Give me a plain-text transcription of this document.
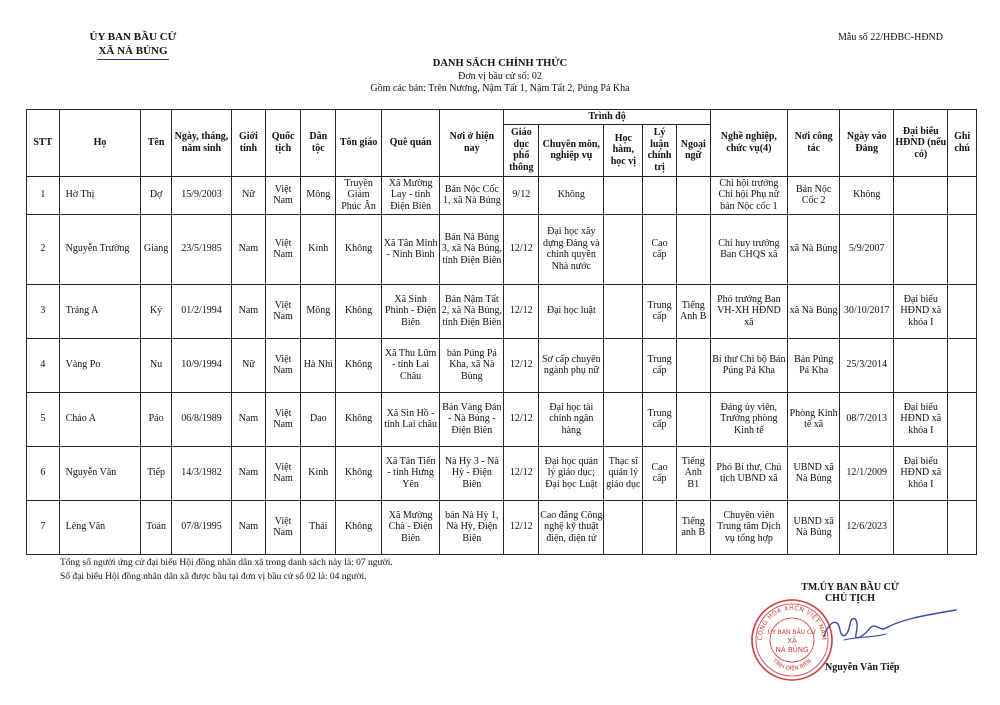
ỦY BAN BẦU CỬ
XÃ NÀ BỦNG
Mẫu số 22/HĐBC-HĐND
DANH SÁCH CHÍNH THỨC
Đơn vị bầu cử số: 02
Gồm các bản: Trên Nương, Nậm Tất 1, Nậm Tất 2, Púng Pá Kha
STT	Họ	Tên	Ngày, tháng, năm sinh	Giới tính	Quốc tịch	Dân tộc	Tôn giáo	Quê quán	Nơi ở hiện nay	Trình độ					Nghề nghiệp, chức vụ(4)	Nơi công tác	Ngày vào Đảng	Đại biểu HĐND (nếu có)	Ghi chú
										Giáo dục phổ thông	Chuyên môn, nghiệp vụ	Học hàm, học vị	Lý luận chính trị	Ngoại ngữ					
1	Hờ Thị	Dợ	15/9/2003	Nữ	Việt Nam	Mông	Truyền Giảm Phúc Ân	Xã Mường Lay - tỉnh Điện Biên	Bản Nộc Cốc 1, xã Nà Bủng	9/12	Không				Chi hội trưởng Chi hội Phụ nữ bản Nộc cốc 1	Bản Nộc Cốc 2	Không		
2	Nguyễn Trường	Giang	23/5/1985	Nam	Việt Nam	Kinh	Không	Xã Tân Minh - Ninh Bình	Bản Nà Bủng 3, xã Nà Bủng, tỉnh Điện Biên	12/12	Đại học xây dựng Đảng và chính quyền Nhà nước		Cao cấp		Chỉ huy trưởng Ban CHQS xã	xã Nà Bủng	5/9/2007		
3	Tráng A	Ký	01/2/1994	Nam	Việt Nam	Mông	Không	Xã Sính Phình - Điện Biên	Bản Nậm Tất 2, xã Nà Bủng, tỉnh Điện Biên	12/12	Đại học luật		Trung cấp	Tiếng Anh B	Phó trưởng Ban VH-XH HĐND xã	xã Nà Bủng	30/10/2017	Đại biểu HĐND xã khóa I	
4	Vàng Po	Nu	10/9/1994	Nữ	Việt Nam	Hà Nhì	Không	Xã Thu Lũm - tỉnh Lai Châu	bản Púng Pá Kha, xã Nà Bủng	12/12	Sơ cấp chuyên ngành phụ nữ		Trung cấp		Bí thư Chi bộ Bản Púng Pá Kha	Bản Púng Pá Kha	25/3/2014		
5	Chảo A	Páo	06/8/1989	Nam	Việt Nam	Dao	Không	Xã Sìn Hồ - tỉnh Lai châu	Bản Vàng Đán - Nà Bủng - Điện Biên	12/12	Đại học tài chính ngân hàng		Trung cấp		Đảng ủy viên, Trưởng phòng Kinh tế	Phòng Kinh tế xã	08/7/2013	Đại biểu HĐND xã khóa I	
6	Nguyễn Văn	Tiếp	14/3/1982	Nam	Việt Nam	Kinh	Không	Xã Tân Tiến - tỉnh Hưng Yên	Nà Hỳ 3 - Nà Hỳ - Điện Biên	12/12	Đại học quản lý giáo dục; Đại học Luật	Thạc sĩ quản lý giáo dục	Cao cấp	Tiếng Anh B1	Phó Bí thư, Chủ tịch UBND xã	UBND xã Nà Bủng	12/1/2009	Đại biểu HĐND xã khóa I	
7	Lèng Văn	Toản	07/8/1995	Nam	Việt Nam	Thái	Không	Xã Mường Chà - Điện Biên	bản Nà Hỳ 1, Nà Hỳ, Điện Biên	12/12	Cao đẳng Công nghệ kỹ thuật điện, điện tử			Tiếng anh B	Chuyên viên Trung tâm Dịch vụ tổng hợp	UBND xã Nà Bủng	12/6/2023		
Tổng số người ứng cử đại biểu Hội đồng nhân dân xã trong danh sách này là: 07 người.
Số đại biểu Hội đồng nhân dân xã được bầu tại đơn vị bầu cử số 02 là: 04 người.
TM.ỦY BAN BẦU CỬ
CHỦ TỊCH
CỘNG HÒA XHCN VIỆT NAM
TỈNH ĐIỆN BIÊN
ỦY BAN BẦU CỬ
XÃ
NÀ BỦNG
Nguyễn Văn Tiếp
